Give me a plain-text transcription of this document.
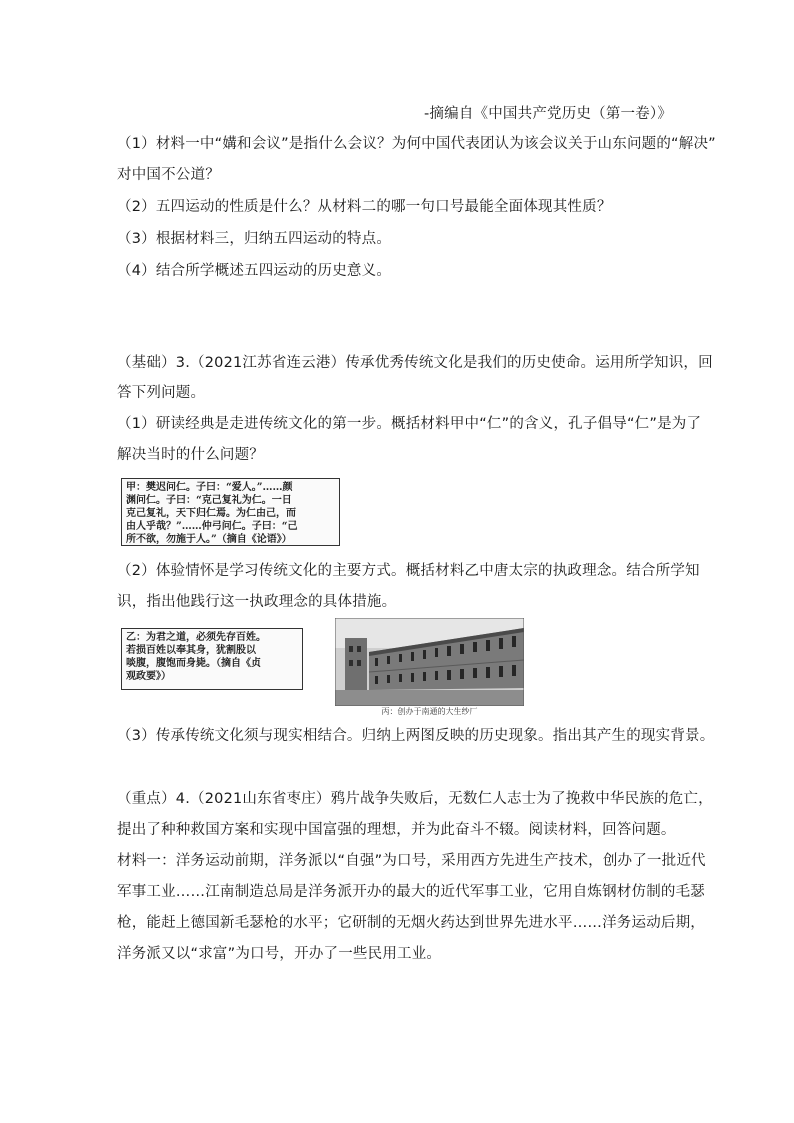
-摘编自《中国共产党历史（第一卷）》
（1）材料一中“媾和会议”是指什么会议？为何中国代表团认为该会议关于山东问题的“解决”
对中国不公道？
（2）五四运动的性质是什么？从材料二的哪一句口号最能全面体现其性质？
（3）根据材料三，归纳五四运动的特点。
（4）结合所学概述五四运动的历史意义。
（基础）3.（2021江苏省连云港）传承优秀传统文化是我们的历史使命。运用所学知识，回
答下列问题。
（1）研读经典是走进传统文化的第一步。概括材料甲中“仁”的含义，孔子倡导“仁”是为了
解决当时的什么问题？
甲：樊迟问仁。子曰：“爱人。”……颜
渊问仁。子曰：“克己复礼为仁。一日
克己复礼，天下归仁焉。为仁由己，而
由人乎哉？”……仲弓问仁。子曰：“己
所不欲，勿施于人。”（摘自《论语》）
（2）体验情怀是学习传统文化的主要方式。概括材料乙中唐太宗的执政理念。结合所学知
识，指出他践行这一执政理念的具体措施。
乙：为君之道，必须先存百姓。
若损百姓以奉其身，犹割股以
啖腹，腹饱而身毙。（摘自《贞
观政要》）
丙：创办于南通的大生纱厂
（3）传承传统文化须与现实相结合。归纳上两图反映的历史现象。指出其产生的现实背景。
（重点）4.（2021山东省枣庄）鸦片战争失败后，无数仁人志士为了挽救中华民族的危亡，
提出了种种救国方案和实现中国富强的理想，并为此奋斗不辍。阅读材料，回答问题。
材料一：洋务运动前期，洋务派以“自强”为口号，采用西方先进生产技术，创办了一批近代
军事工业……江南制造总局是洋务派开办的最大的近代军事工业，它用自炼钢材仿制的毛瑟
枪，能赶上德国新毛瑟枪的水平；它研制的无烟火药达到世界先进水平……洋务运动后期，
洋务派又以“求富”为口号，开办了一些民用工业。
